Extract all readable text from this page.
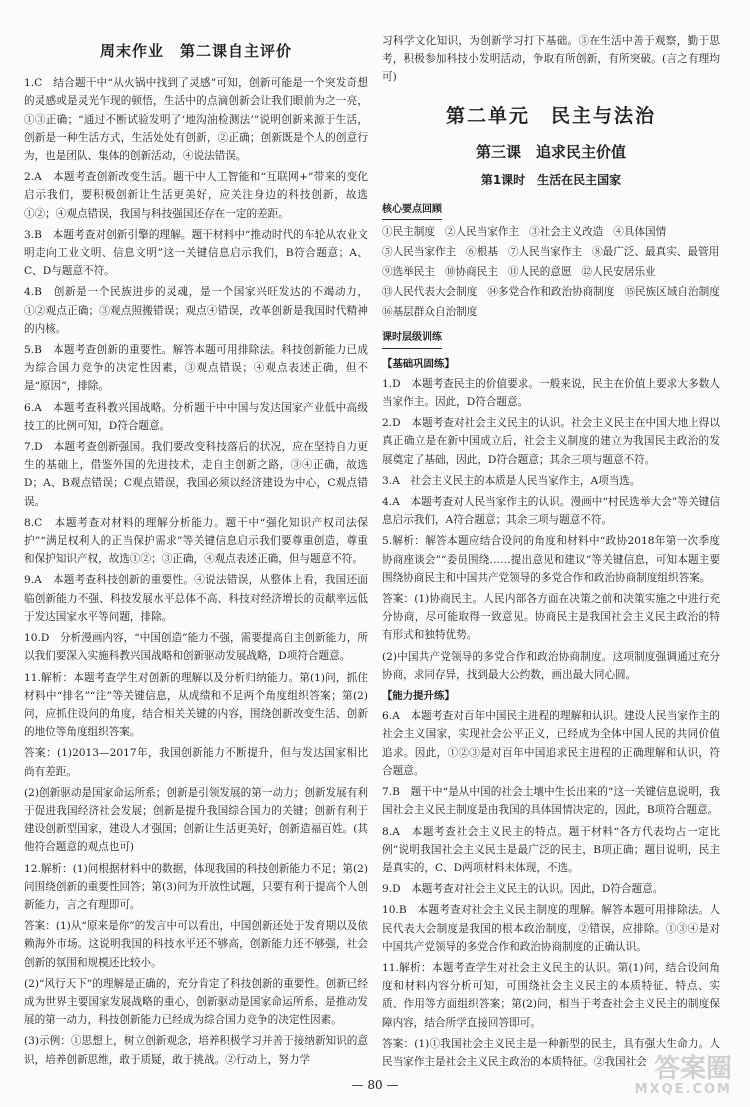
周末作业　第二课自主评价

1.C　结合题干中“从火锅中找到了灵感”可知，创新可能是一个突发奇想的灵感或是灵光乍现的顿悟，生活中的点滴创新会让我们眼前为之一亮，①③正确；“通过不断试验发明了‘地沟油检测法’”说明创新来源于生活，创新是一种生活方式，生活处处有创新，②正确；创新既是个人的创意行为，也是团队、集体的创新活动，④说法错误。

2.A　本题考查创新改变生活。题干中人工智能和“互联网+”带来的变化启示我们，要积极创新让生活更美好，应关注身边的科技创新，故选①②；④观点错误，我国与科技强国还存在一定的差距。

3.B　本题考查对创新引擎的理解。题干材料中“推动时代的车轮从农业文明走向工业文明、信息文明”这一关键信息启示我们，B符合题意；A、C、D与题意不符。

4.B　创新是一个民族进步的灵魂，是一个国家兴旺发达的不竭动力，①②观点正确；③观点照搬错误；观点④错误，改革创新是我国时代精神的内核。

5.B　本题考查创新的重要性。解答本题可用排除法。科技创新能力已成为综合国力竞争的决定性因素，③观点错误；④观点表述正确，但不是“原因”，排除。

6.A　本题考查科教兴国战略。分析题干中中国与发达国家产业低中高级技工的比例可知，D符合题意。

7.D　本题考查创新强国。我们要改变科技落后的状况，应在坚持自力更生的基础上，借鉴外国的先进技术，走自主创新之路，③④正确，故选D；A、B观点错误；C观点错误，我国必须以经济建设为中心，C观点错误。

8.C　本题考查对材料的理解分析能力。题干中“强化知识产权司法保护”“满足权利人的正当保护需求”等关键信息启示我们要尊重创造，尊重和保护知识产权，故选①②；③正确，④观点表述正确，但与题意不符。

9.A　本题考查科技创新的重要性。④说法错误，从整体上看，我国还面临创新能力不强、科技发展水平总体不高、科技对经济增长的贡献率远低于发达国家水平等问题，排除。

10.D　分析漫画内容，“中国创造”能力不强，需要提高自主创新能力，所以我们要深入实施科教兴国战略和创新驱动发展战略，D项符合题意。

11.解析：本题考查学生对创新的理解以及分析归纳能力。第(1)问，抓住材料中“排名”“注”等关键信息，从成绩和不足两个角度组织答案；第(2)问，应抓住设问的角度，结合相关关键的内容，围绕创新改变生活、创新的地位等角度组织答案。

答案：(1)2013—2017年，我国创新能力不断提升，但与发达国家相比尚有差距。

(2)创新驱动是国家命运所系；创新是引领发展的第一动力；创新发展有利于促进我国经济社会发展；创新是提升我国综合国力的关键；创新有利于建设创新型国家，建设人才强国；创新让生活更美好，创新造福百姓。(其他符合题意的观点也可)

12.解析：(1)问根据材料中的数据，体现我国的科技创新能力不足；第(2)问围绕创新的重要性回答；第(3)问为开放性试题，只要有利于提高个人创新能力，言之有理即可。

答案：(1)从“原来是你”的发言中可以看出，中国创新还处于发育期以及依赖海外市场。这说明我国的科技水平还不够高，创新能力还不够强，社会创新的氛围和规模还比较小。

(2)“风行天下”的理解是正确的，充分肯定了科技创新的重要性。创新已经成为世界主要国家发展战略的重心，创新驱动是国家命运所系，是推动发展的第一动力，科技创新能力已经成为综合国力竞争的决定性因素。

(3)示例：①思想上，树立创新观念，培养积极学习并善于接纳新知识的意识，培养创新思维，敢于质疑，敢于挑战。②行动上，努力学

习科学文化知识，为创新学习打下基础。③在生活中善于观察，勤于思考，积极参加科技小发明活动，争取有所创新，有所突破。(言之有理均可)

第二单元　民主与法治
第三课　追求民主价值
第1课时　生活在民主国家
核心要点回顾
①民主制度 ②人民当家作主 ③社会主义改造 ④具体国情
⑤人民当家作主 ⑥根基 ⑦人民当家作主 ⑧最广泛、最真实、最管用
⑨选举民主 ⑩协商民主 ⑪人民的意愿 ⑫人民安居乐业
⑬人民代表大会制度 ⑭多党合作和政治协商制度 ⑮民族区域自治制度
⑯基层群众自治制度
课时层级训练
【基础巩固练】

1.D　本题考查民主的价值要求。一般来说，民主在价值上要求大多数人当家作主。因此，D符合题意。

2.D　本题考查对社会主义民主的认识。社会主义民主在中国大地上得以真正确立是在新中国成立后，社会主义制度的建立为我国民主政治的发展奠定了基础，因此，D符合题意；其余三项与题意不符。

3.A　社会主义民主的本质是人民当家作主，A项当选。

4.A　本题考查对人民当家作主的认识。漫画中“村民选举大会”等关键信息启示我们，A符合题意；其余三项与题意不符。

5.解析：解答本题应结合设问的角度和材料中“政协2018年第一次季度协商座谈会”“委员围绕……提出意见和建议”等关键信息，可知本题主要围绕协商民主和中国共产党领导的多党合作和政治协商制度组织答案。

答案：(1)协商民主。人民内部各方面在决策之前和决策实施之中进行充分协商，尽可能取得一致意见。协商民主是我国社会主义民主政治的特有形式和独特优势。

(2)中国共产党领导的多党合作和政治协商制度。这项制度强调通过充分协商，求同存异，找到最大公约数，画出最大同心圆。

【能力提升练】

6.A　本题考查对百年中国民主进程的理解和认识。建设人民当家作主的社会主义国家，实现社会公平正义，已经成为全体中国人民的共同价值追求。因此，①②③是对百年中国追求民主进程的正确理解和认识，符合题意。

7.B　题干中“是从中国的社会土壤中生长出来的”这一关键信息说明，我国社会主义民主制度是由我国的具体国情决定的，因此，B项符合题意。

8.A　本题考查社会主义民主的特点。题干材料“各方代表均占一定比例”说明我国社会主义民主是最广泛的民主，B项正确；题目说明，民主是真实的，C、D两项材料未体现，不选。

9.D　本题考查对社会主义民主的认识。因此，D符合题意。

10.B　本题考查对社会主义民主制度的理解。解答本题可用排除法。人民代表大会制度是我国的根本政治制度，②错误，应排除。①③④是对中国共产党领导的多党合作和政治协商制度的正确认识。

11.解析：本题考查学生对社会主义民主的认识。第(1)问，结合设问角度和材料内容分析可知，可围绕社会主义民主的本质特征、特点、实质、作用等方面组织答案；第(2)问，相当于考查社会主义民主的制度保障内容，结合所学直接回答即可。

答案：(1)①我国社会主义民主是一种新型的民主，具有强大生命力。人民当家作主是社会主义民主政治的本质特征。②我国社会

— 80 —
答案圈
MXQE.COM
